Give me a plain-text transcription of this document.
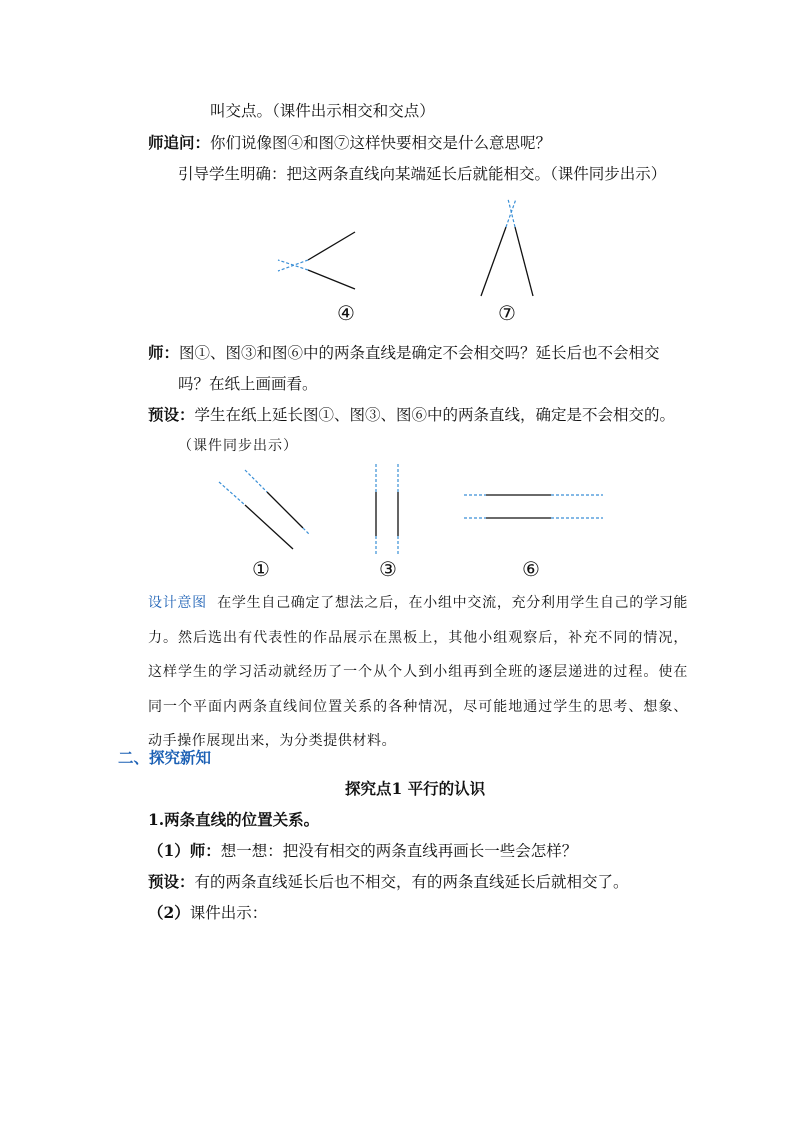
叫交点。（课件出示相交和交点）
师追问：你们说像图④和图⑦这样快要相交是什么意思呢？
引导学生明确：把这两条直线向某端延长后就能相交。（课件同步出示）
④	⑦
师：图①、图③和图⑥中的两条直线是确定不会相交吗？延长后也不会相交
吗？在纸上画画看。
预设：学生在纸上延长图①、图③、图⑥中的两条直线，确定是不会相交的。
（课件同步出示）
①	③	⑥
设计意图 在学生自己确定了想法之后，在小组中交流，充分利用学生自己的学习能力。然后选出有代表性的作品展示在黑板上，其他小组观察后，补充不同的情况，这样学生的学习活动就经历了一个从个人到小组再到全班的逐层递进的过程。使在同一个平面内两条直线间位置关系的各种情况，尽可能地通过学生的思考、想象、动手操作展现出来，为分类提供材料。
二、探究新知
探究点1 平行的认识
1.两条直线的位置关系。
（1）师：想一想：把没有相交的两条直线再画长一些会怎样？
预设：有的两条直线延长后也不相交，有的两条直线延长后就相交了。
（2）课件出示：
